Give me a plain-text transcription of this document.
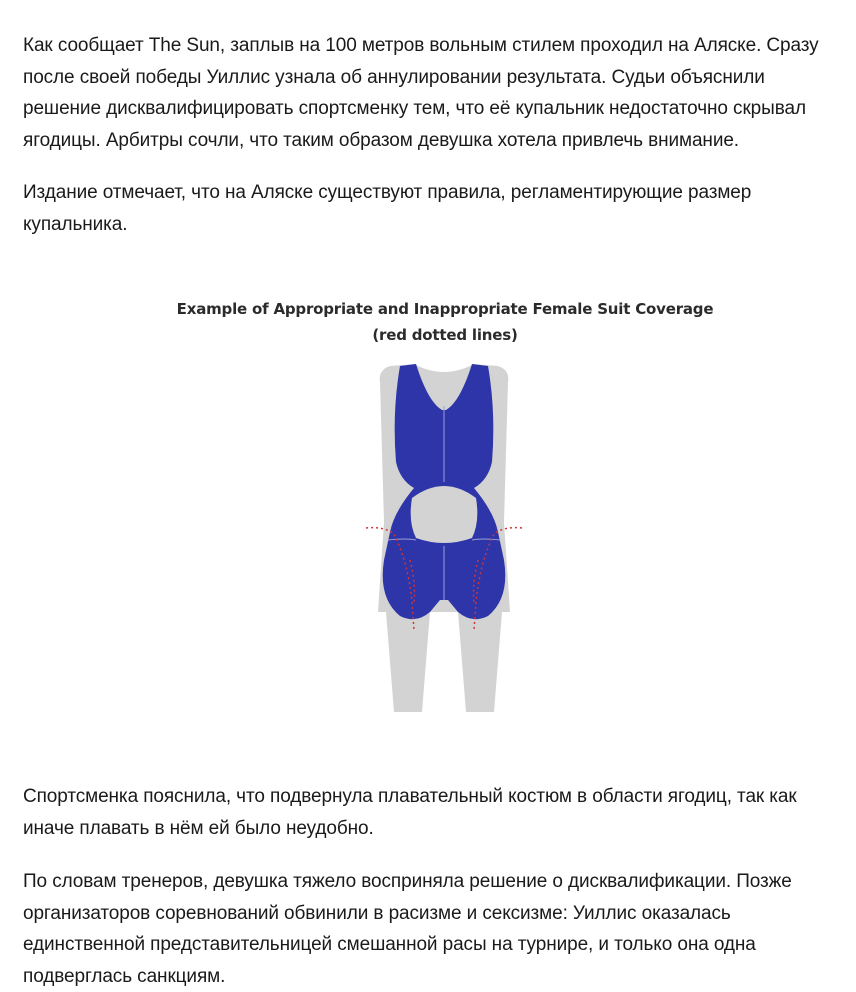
Как сообщает The Sun, заплыв на 100 метров вольным стилем проходил на Аляске. Сразу после своей победы Уиллис узнала об аннулировании результата. Судьи объяснили решение дисквалифицировать спортсменку тем, что её купальник недостаточно скрывал ягодицы. Арбитры сочли, что таким образом девушка хотела привлечь внимание.

Издание отмечает, что на Аляске существуют правила, регламентирующие размер купальника.

Спортсменка пояснила, что подвернула плавательный костюм в области ягодиц, так как иначе плавать в нём ей было неудобно.

По словам тренеров, девушка тяжело восприняла решение о дисквалификации. Позже организаторов соревнований обвинили в расизме и сексизме: Уиллис оказалась единственной представительницей смешанной расы на турнире, и только она одна подверглась санкциям.

Example of Appropriate and Inappropriate Female Suit Coverage
(red dotted lines)
